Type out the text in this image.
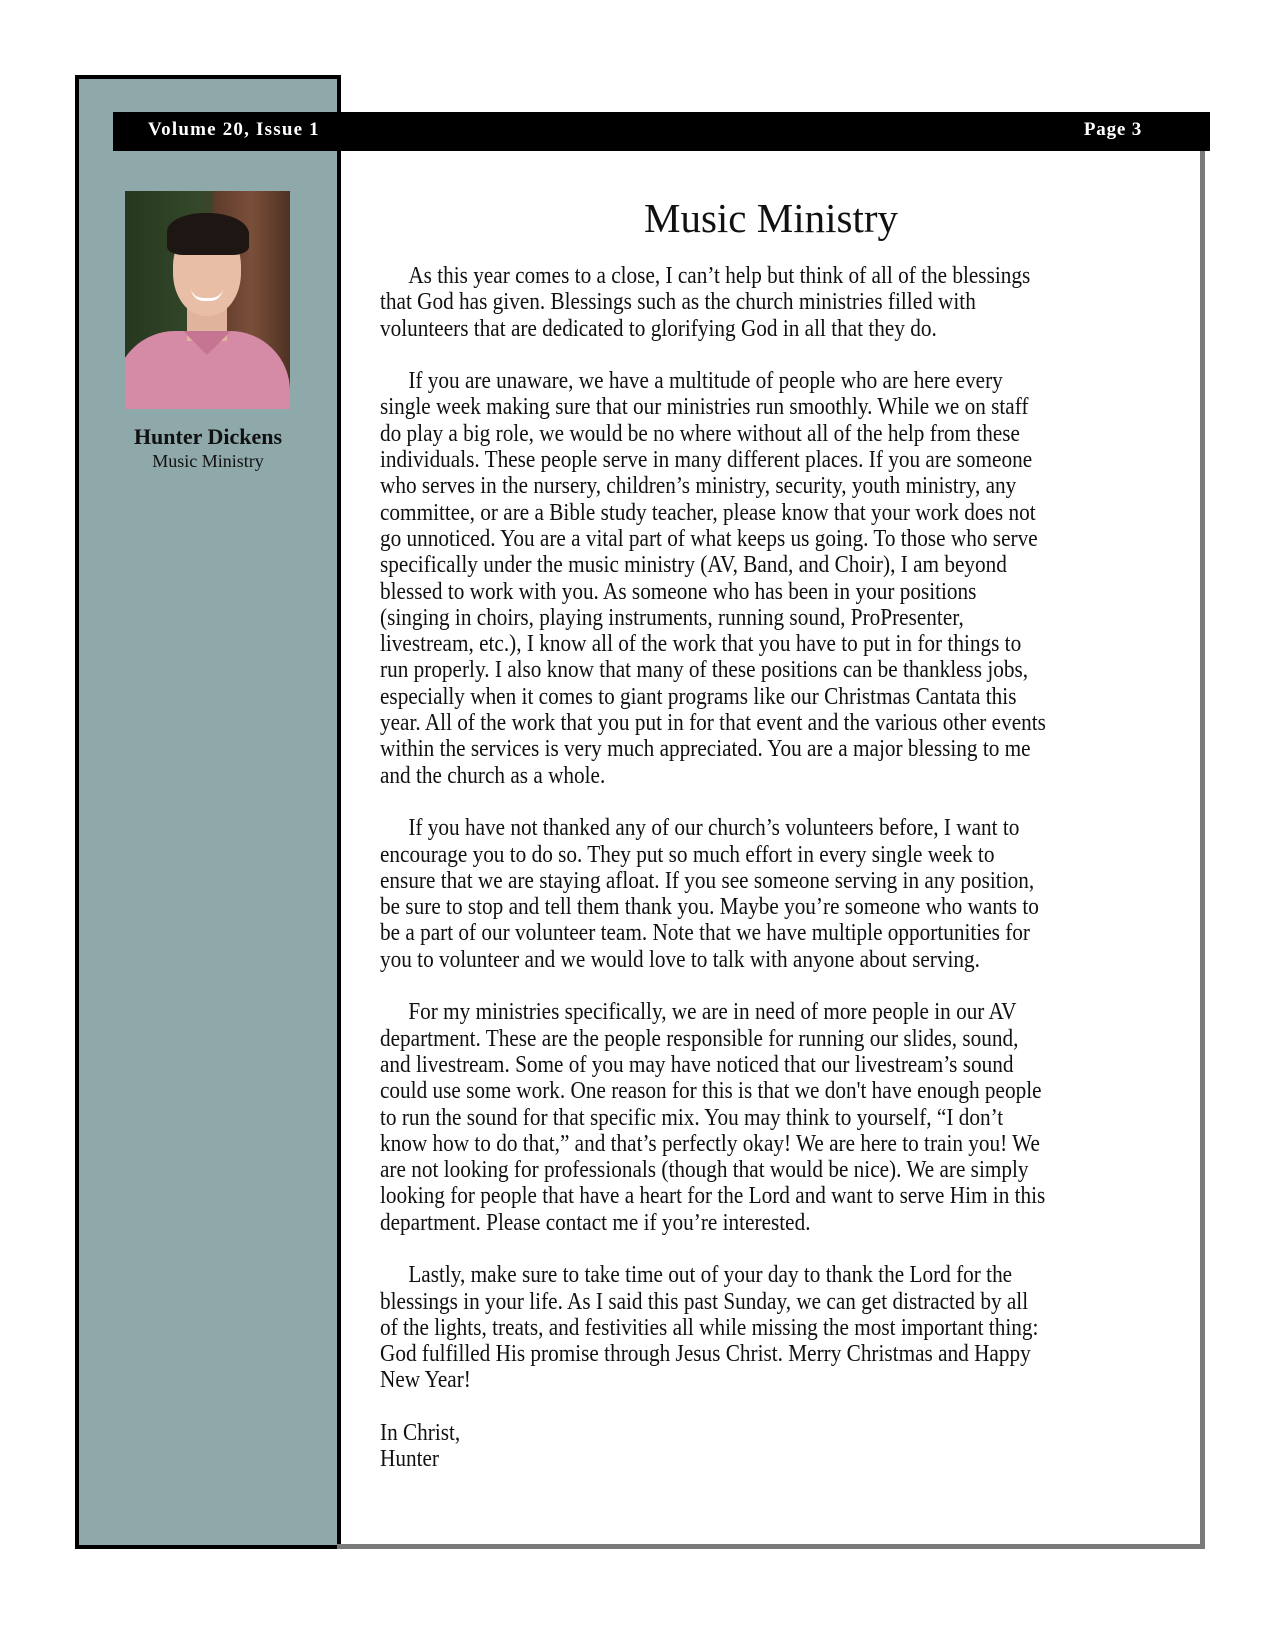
Volume 20, Issue 1	Page 3
Hunter Dickens
Music Ministry
Music Ministry
As this year comes to a close, I can’t help but think of all of the blessings
that God has given. Blessings such as the church ministries filled with
volunteers that are dedicated to glorifying God in all that they do.
If you are unaware, we have a multitude of people who are here every
single week making sure that our ministries run smoothly. While we on staff
do play a big role, we would be no where without all of the help from these
individuals. These people serve in many different places. If you are someone
who serves in the nursery, children’s ministry, security, youth ministry, any
committee, or are a Bible study teacher, please know that your work does not
go unnoticed. You are a vital part of what keeps us going. To those who serve
specifically under the music ministry (AV, Band, and Choir), I am beyond
blessed to work with you. As someone who has been in your positions
(singing in choirs, playing instruments, running sound, ProPresenter,
livestream, etc.), I know all of the work that you have to put in for things to
run properly. I also know that many of these positions can be thankless jobs,
especially when it comes to giant programs like our Christmas Cantata this
year. All of the work that you put in for that event and the various other events
within the services is very much appreciated. You are a major blessing to me
and the church as a whole.
If you have not thanked any of our church’s volunteers before, I want to
encourage you to do so. They put so much effort in every single week to
ensure that we are staying afloat. If you see someone serving in any position,
be sure to stop and tell them thank you. Maybe you’re someone who wants to
be a part of our volunteer team. Note that we have multiple opportunities for
you to volunteer and we would love to talk with anyone about serving.
For my ministries specifically, we are in need of more people in our AV
department. These are the people responsible for running our slides, sound,
and livestream. Some of you may have noticed that our livestream’s sound
could use some work. One reason for this is that we don't have enough people
to run the sound for that specific mix. You may think to yourself, “I don’t
know how to do that,” and that’s perfectly okay! We are here to train you! We
are not looking for professionals (though that would be nice). We are simply
looking for people that have a heart for the Lord and want to serve Him in this
department. Please contact me if you’re interested.
Lastly, make sure to take time out of your day to thank the Lord for the
blessings in your life. As I said this past Sunday, we can get distracted by all
of the lights, treats, and festivities all while missing the most important thing:
God fulfilled His promise through Jesus Christ. Merry Christmas and Happy
New Year!
In Christ,
Hunter
